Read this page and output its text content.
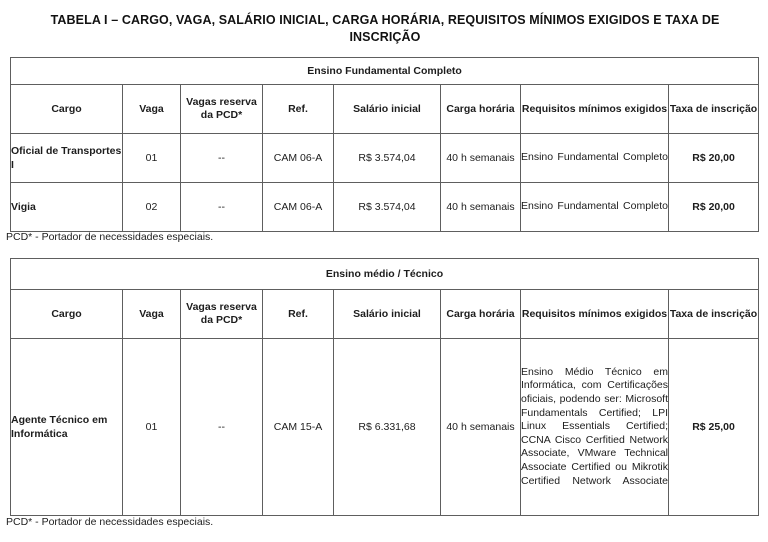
TABELA I – CARGO, VAGA, SALÁRIO INICIAL, CARGA HORÁRIA, REQUISITOS MÍNIMOS EXIGIDOS E TAXA DE INSCRIÇÃO
Ensino Fundamental Completo							
Cargo	Vaga	Vagas reserva da PCD*	Ref.	Salário inicial	Carga horária	Requisitos mínimos exigidos	Taxa de inscrição
Oficial de Transportes I	01	--	CAM 06-A	R$ 3.574,04	40 h semanais	Ensino Fundamental Completo	R$ 20,00
Vigia	02	--	CAM 06-A	R$ 3.574,04	40 h semanais	Ensino Fundamental Completo	R$ 20,00
PCD* - Portador de necessidades especiais.
Ensino médio / Técnico							
Cargo	Vaga	Vagas reserva da PCD*	Ref.	Salário inicial	Carga horária	Requisitos mínimos exigidos	Taxa de inscrição
Agente Técnico em Informática	01	--	CAM 15-A	R$ 6.331,68	40 h semanais	Ensino Médio Técnico em Informática, com Certificações oficiais, podendo ser: Microsoft Fundamentals Certified; LPI Linux Essentials Certified; CCNA Cisco Cerfitied Network Associate, VMware Technical Associate Certified ou Mikrotik Certified Network Associate	R$ 25,00
PCD* - Portador de necessidades especiais.
